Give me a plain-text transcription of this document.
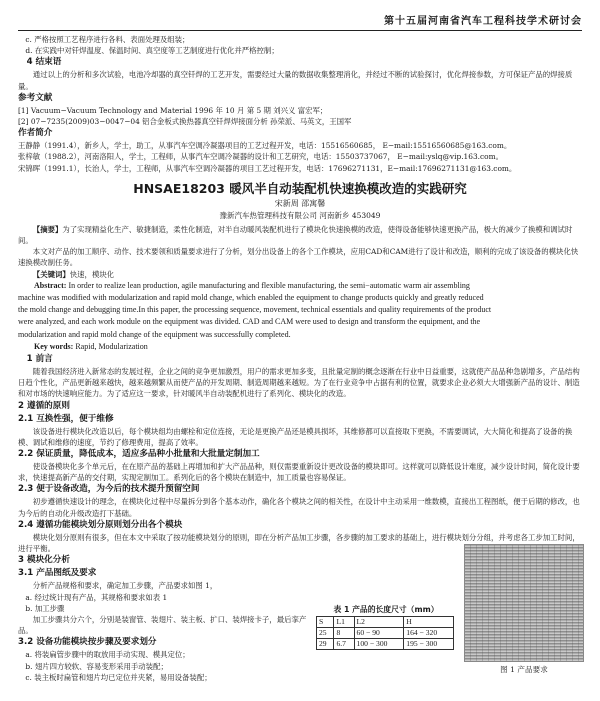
第十五届河南省汽车工程科技学术研讨会

c. 严格按照工艺程序进行各料、表面处理及组装；

d. 在实践中对钎焊温度、保温时间、真空度等工艺制度进行优化并严格控制；

4 结束语

通过以上的分析和多次试验，电池冷却器的真空钎焊的工艺开发，需要经过大量的数据收集整理消化，并经过不断的试验探讨，优化焊接参数，方可保证产品的焊接质量。

参考文献

[1] Vacuum−Vacuum Technology and Material 1996 年 10 月 第 5 期 刘兴义 富宏军；

[2] 07−7235(2009)03−0047−04 铝合金板式换热器真空钎焊焊接面分析 孙荣派、马英文，王国军

作者简介

王静静（1991.4），新乡人，学士，助工，从事汽车空调冷凝器项目的工艺过程开发，电话：15516560685， E−mail:15516560685@163.com。

张梓敏（1988.2），河南洛阳人，学士，工程师，从事汽车空调冷凝器的设计和工艺研究，电话：15503737067， E−mail:yslq@vip.163.com。

宋锦晖（1991.1），长治人，学士，工程师，从事汽车空调冷凝器的项目工艺过程开发，电话：17696271131，E−mail:17696271131@163.com。

HNSAE18203 暖风半自动装配机快速换模改造的实践研究
宋新周 邵寓馨
豫新汽车热管理科技有限公司 河南新乡 453049

【摘要】为了实现精益化生产、敏捷制造，柔性化制造，对半自动暖风装配机进行了模块化快速换模的改造，使得设备能够快速更换产品，极大的减少了换模和调试时间。

本文对产品的加工顺序、动作、技术要领和质量要求进行了分析，划分出设备上的各个工作模块，应用CAD和CAM进行了设计和改造，顺利的完成了该设备的模块化快速换模改制任务。

【关键词】快速，模块化

Abstract: In order to realize lean production, agile manufacturing and flexible manufacturing, the semi−automatic warm air assembling

machine was modified with modularization and rapid mold change, which enabled the equipment to change products quickly and greatly reduced

the mold change and debugging time.In this paper, the processing sequence, movement, technical essentials and quality requirements of the product

were analyzed, and each work module on the equipment was divided. CAD and CAM were used to design and transform the equipment, and the

modularization and rapid mold change of the equipment was successfully completed.

Key words: Rapid, Modularization

1 前言

随着我国经济进入新常态的发展过程，企业之间的竞争更加激烈，用户的需求更加多变，且批量定制的概念逐渐在行业中日益重要，这就使产品品种急剧增多，产品结构日趋个性化，产品更新越来越快，越来越频繁从而使产品的开发周期、制造周期越来越短。为了在行业竞争中占据有利的位置，就要求企业必须大大增强新产品的设计、制造和对市场的快速响应能力。为了适应这一要求，针对暖风半自动装配机进行了系列化、模块化的改造。

2 遵循的原则

2.1 互换性强，便于维修

该设备进行模块化改造以后，每个模块组均由螺栓和定位连接，无论是更换产品还是模具损坏，其维修都可以直接取下更换，不需要调试，大大简化和提高了设备的换模、调试和维修的速度，节约了修理费用，提高了效率。

2.2 保证质量，降低成本，适应多品种小批量和大批量定制加工

使设备模块化多个单元后，在在原产品的基础上再增加和扩大产品品种，则仅需要重新设计更改设备的模块即可。这样就可以降低设计难度，减少设计时间，简化设计要求，快速提高新产品的交付期，实现定制加工。系列化后的各个模块在制造中，加工质量也容易保证。

2.3 便于设备改造，为今后的技术提升预留空间

初步遵循快速设计的理念，在模块化过程中尽量拆分到各个基本动作，确化各个模块之间的相关性，在设计中主动采用一维数模，直接出工程图纸，便于后期的修改，也为今后的自动化升级改造打下基础。

2.4 遵循功能模块划分原则划分出各个模块

模块化划分原则有很多，但在本文中采取了按功能模块划分的原则，即在分析产品加工步骤，各步骤的加工要求的基础上，进行模块划分分组，并考虑各工步加工时间，进行平衡。

3 模块化分析

3.1 产品图纸及要求

分析产品规格和要求，确定加工步骤，产品要求如图 1，

a. 经过统计现有产品，其规格和要求如表 1

b. 加工步骤

加工步骤共分六个，分别是装窗管、装翅片、装主板、扩口、装焊接卡子，最后挛产品。

3.2 设备功能模块按步骤及要求划分

a. 将装扁管步骤中的取放用手动实现、模具定位；

b. 翅片四方较软、容易变形采用手动装配；

c. 装主板时扁管和翅片均已定位并夹紧，易用设备装配；

表 1 产品的长度尺寸（mm）
S	L1	L2	H
25	8	60 − 90	164 − 320
29	6.7	100 − 300	195 − 300
图 1 产品要求
